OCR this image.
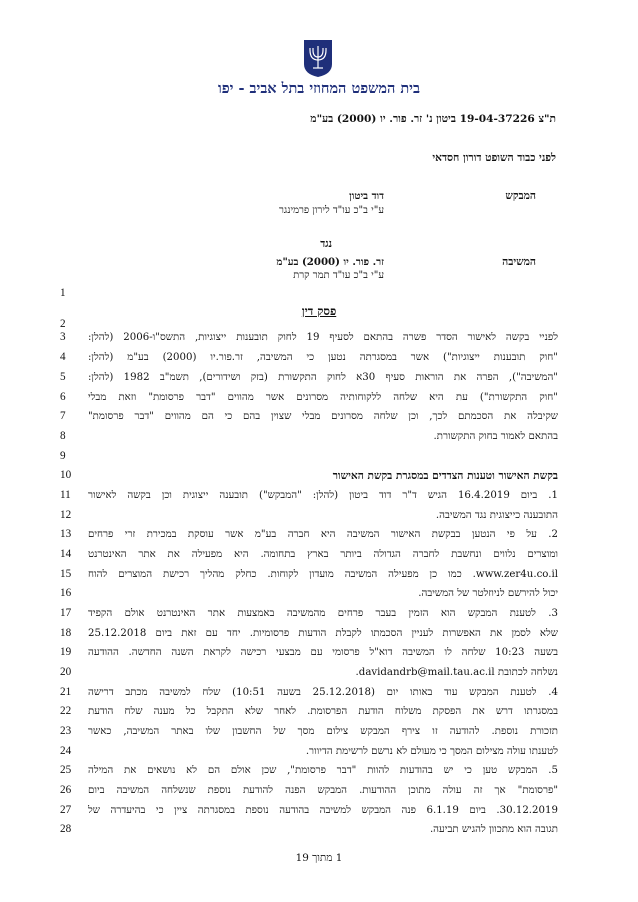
בית המשפט המחוזי בתל אביב - יפו
ת"צ 19-04-37226 ביטון נ' זר. פור. יו (2000) בע"מ
לפני כבוד השופט דורון חסדאי
המבקש
דוד ביטון
ע"י ב"כ עו"ד לירון פרמינגר
נגד
המשיבה
זר. פור. יו (2000) בע"מ
ע"י ב"כ עו"ד תמר קרת
פסק דין
1
2
3
4
5
6
7
8
9
10
11
12
13
14
15
16
17
18
19
20
21
22
23
24
25
26
27
28
לפניי בקשה לאישור הסדר פשרה בהתאם לסעיף 19 לחוק תובענות ייצוגיות, התשס"ו-2006 (להלן:
"חוק תובענות ייצוגיות") אשר במסגרתה נטען כי המשיבה, זר.פור.יו (2000) בע"מ (להלן:
"המשיבה"), הפרה את הוראות סעיף 30א לחוק התקשורת (בזק ושידורים), תשמ"ב 1982 (להלן:
"חוק התקשורת") עת היא שלחה ללקוחותיה מסרונים אשר מהווים "דבר פרסומת" וזאת מבלי
שקיבלה את הסכמתם לכך, וכן שלחה מסרונים מבלי שצוין בהם כי הם מהווים "דבר פרסומת"
בהתאם לאמור בחוק התקשורת.
בקשת האישור וטענות הצדדים במסגרת בקשת האישור
1. ביום 16.4.2019 הגיש ד"ר דוד ביטון (להלן: "המבקש") תובענה ייצוגית וכן בקשה לאישור
התובענה כייצוגית נגד המשיבה.
2. על פי הנטען בבקשת האישור המשיבה היא חברה בע"מ אשר עוסקת במכירת זרי פרחים
ומוצרים נלווים ונחשבת לחברה הגדולה ביותר בארץ בתחומה. היא מפעילה את אתר האינטרנט
www.zer4u.co.il. כמו כן מפעילה המשיבה מועדון לקוחות. כחלק מהליך רכישת המוצרים להוח
יכול להירשם לניוזלטר של המשיבה.
3. לטענת המבקש הוא הזמין בעבר פרחים מהמשיבה באמצעות אתר האינטרנט אולם הקפיד
שלא לסמן את האפשרות לעניין הסכמתו לקבלת הודעות פרסומיות. יחד עם זאת ביום 25.12.2018
בשעה 10:23 שלחה לו המשיבה דוא"ל פרסומי עם מבצעי רכישה לקראת השנה החדשה. ההודעה
נשלחה לכתובת davidandrb@mail.tau.ac.il.
4. לטענת המבקש עוד באותו יום (25.12.2018 בשעה 10:51) שלח למשיבה מכתב דרישה
במסגרתו דרש את הפסקת משלוח הודעת הפרסומת. לאחר שלא התקבל כל מענה שלח הודעת
תזכורת נוספת. להודעה זו צירף המבקש צילום מסך של החשבון שלו באתר המשיבה, כאשר
לטענתו עולה מצילום המסך כי מעולם לא נרשם לרשימת הדיוור.
5. המבקש טען כי יש בהודעות להוות "דבר פרסומת", שכן אולם הם לא נושאים את המילה
"פרסומת" אך זה עולה מתוכן ההודעות. המבקש הפנה להודעת נוספת שנשלחה המשיבה ביום
30.12.2019. ביום 6.1.19 פנה המבקש למשיבה בהודעה נוספת במסגרתה ציין כי בהיעדרה של
תגובה הוא מתכוון להגיש תביעה.
1 מתוך 19
